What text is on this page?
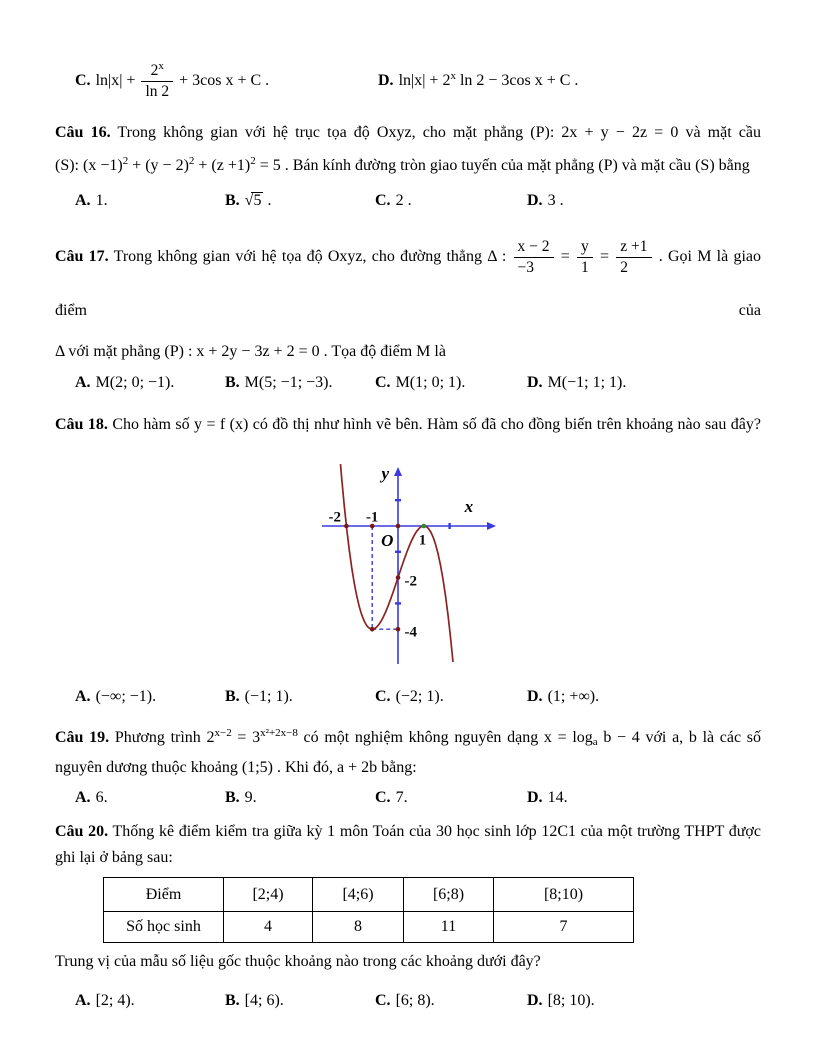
C. $\ln|x| + \frac{2^x}{\ln 2} + 3\cos$ x + C .	D. $\ln|x| + 2^x$ ln 2 − 3cos x + C .
Câu 16. Trong không gian với hệ trục tọa độ Oxyz, cho mặt phẳng (P): 2x + y − 2z = 0 và mặt cầu
(S): $(x -1)^2 + (y - 2)^2 + (z +1)^2 = 5$ . Bán kính đường tròn giao tuyến của mặt phẳng (P) và mặt cầu (S) bằng
A. 1.	B. √5 .	C. 2 .	D. 3 .
Câu 17. Trong không gian với hệ tọa độ Oxyz, cho đường thẳng Δ : $\frac{x - 2}{-3} = \frac{y}{1} = \frac{z +1}{2}$ . Gọi M là giao điểm của
Δ với mặt phẳng (P) : x + 2y − 3z + 2 = 0 . Tọa độ điểm M là
A. M(2; 0; −1).	B. M(5; −1; −3).	C. M(1; 0; 1).	D. M(−1; 1; 1).
Câu 18. Cho hàm số y = f (x) có đồ thị như hình vẽ bên. Hàm số đã cho đồng biến trên khoảng nào sau đây?
y
x
O
-2 -1
1
-2
-4
A. (−∞; −1).	B. (−1; 1).	C. (−2; 1).	D. (1; +∞).
Câu 19. Phương trình $2^{x-2} = 3^{x^2+2x-8}$ có một nghiệm không nguyên dạng $x = \log_a b - 4$ với a, b là các số
nguyên dương thuộc khoảng (1;5) . Khi đó, a + 2b bằng:
A. 6.	B. 9.	C. 7.	D. 14.
Câu 20. Thống kê điểm kiểm tra giữa kỳ 1 môn Toán của 30 học sinh lớp 12C1 của một trường THPT được
ghi lại ở bảng sau:
Điểm	[2;4)	[4;6)	[6;8)	[8;10)
Số học sinh	4	8	11	7
Trung vị của mẫu số liệu gốc thuộc khoảng nào trong các khoảng dưới đây?
A. [2; 4).	B. [4; 6).	C. [6; 8).	D. [8; 10).
